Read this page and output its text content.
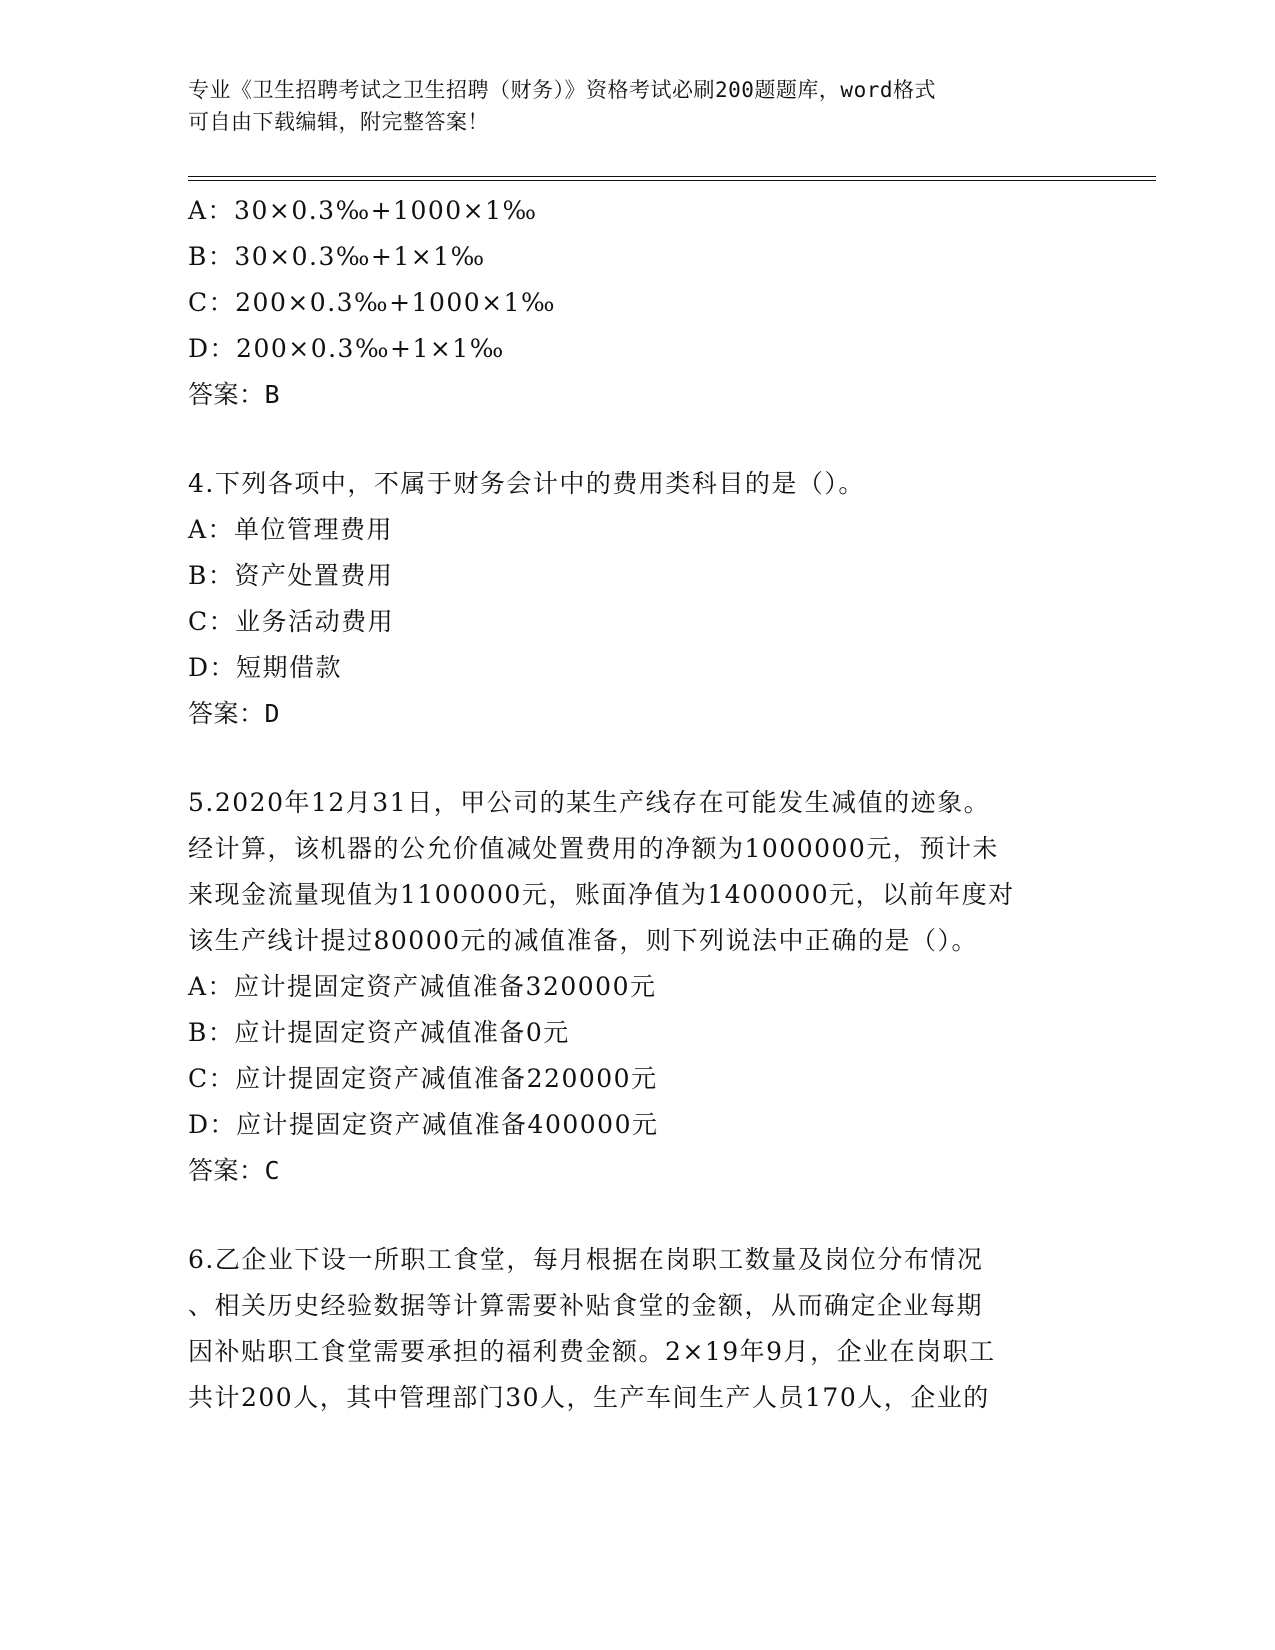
专业《卫生招聘考试之卫生招聘（财务）》资格考试必刷200题题库，word格式
可自由下载编辑，附完整答案！
A：30×0.3‰+1000×1‰
B：30×0.3‰+1×1‰
C：200×0.3‰+1000×1‰
D：200×0.3‰+1×1‰
答案：B
4.下列各项中，不属于财务会计中的费用类科目的是（）。
A：单位管理费用
B：资产处置费用
C：业务活动费用
D：短期借款
答案：D
5.2020年12月31日，甲公司的某生产线存在可能发生减值的迹象。
经计算，该机器的公允价值减处置费用的净额为1000000元，预计未
来现金流量现值为1100000元，账面净值为1400000元，以前年度对
该生产线计提过80000元的减值准备，则下列说法中正确的是（）。
A：应计提固定资产减值准备320000元
B：应计提固定资产减值准备0元
C：应计提固定资产减值准备220000元
D：应计提固定资产减值准备400000元
答案：C
6.乙企业下设一所职工食堂，每月根据在岗职工数量及岗位分布情况
、相关历史经验数据等计算需要补贴食堂的金额，从而确定企业每期
因补贴职工食堂需要承担的福利费金额。2×19年9月，企业在岗职工
共计200人，其中管理部门30人，生产车间生产人员170人，企业的
